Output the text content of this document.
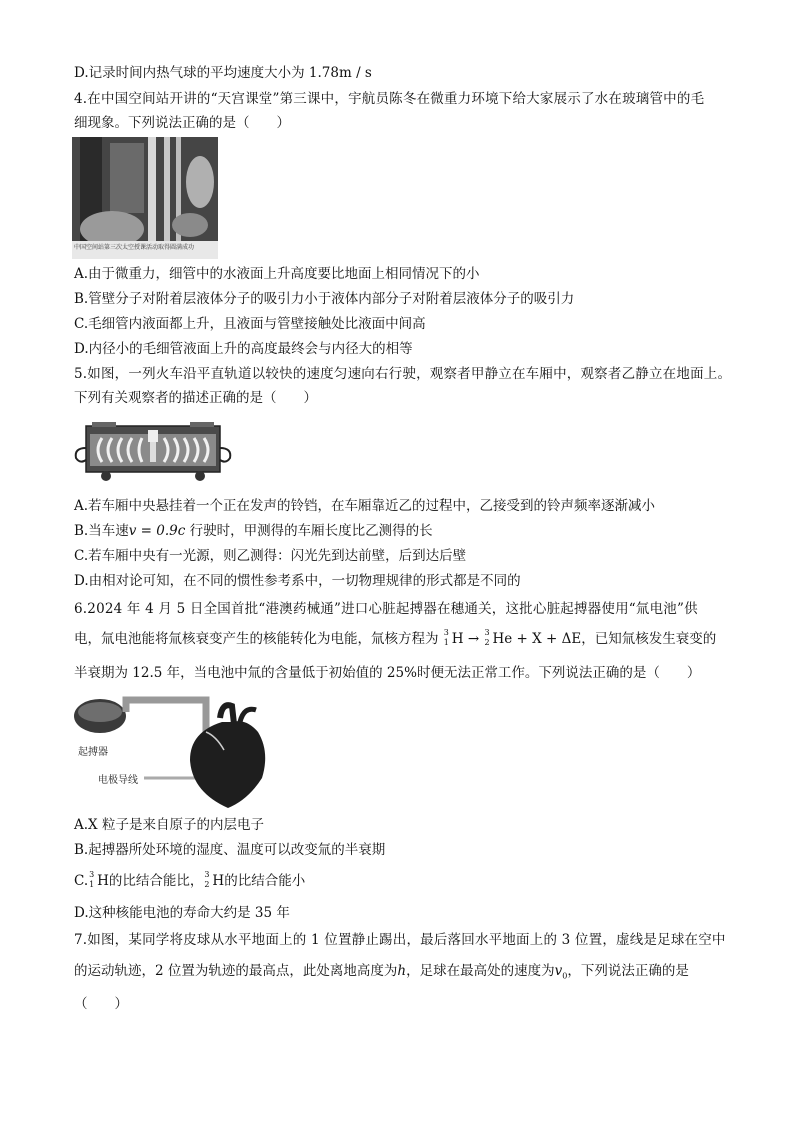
D.记录时间内热气球的平均速度大小为 1.78m / s
4.在中国空间站开讲的“天宫课堂”第三课中，宇航员陈冬在微重力环境下给大家展示了水在玻璃管中的毛
细现象。下列说法正确的是（　　）
中国空间站第三次太空授课活动取得圆满成功
A.由于微重力，细管中的水液面上升高度要比地面上相同情况下的小
B.管壁分子对附着层液体分子的吸引力小于液体内部分子对附着层液体分子的吸引力
C.毛细管内液面都上升，且液面与管壁接触处比液面中间高
D.内径小的毛细管液面上升的高度最终会与内径大的相等
5.如图，一列火车沿平直轨道以较快的速度匀速向右行驶，观察者甲静立在车厢中，观察者乙静立在地面上。
下列有关观察者的描述正确的是（　　）
A.若车厢中央悬挂着一个正在发声的铃铛，在车厢靠近乙的过程中，乙接受到的铃声频率逐渐减小
B.当车速v = 0.9c 行驶时，甲测得的车厢长度比乙测得的长
C.若车厢中央有一光源，则乙测得：闪光先到达前壁，后到达后壁
D.由相对论可知，在不同的惯性参考系中，一切物理规律的形式都是不同的
6.2024 年 4 月 5 日全国首批“港澳药械通”进口心脏起搏器在穗通关，这批心脏起搏器使用“氚电池”供
电，氚电池能将氚核衰变产生的核能转化为电能，氚核方程为 3
1 H → 3
2 He + X + ΔE，已知氚核发生衰变的
半衰期为 12.5 年，当电池中氚的含量低于初始值的 25%时便无法正常工作。下列说法正确的是（　　）
起搏器
电极导线
A.X 粒子是来自原子的内层电子
B.起搏器所处环境的湿度、温度可以改变氚的半衰期
C. 3
1 H的比结合能比， 3
2 H的比结合能小
D.这种核能电池的寿命大约是 35 年
7.如图，某同学将皮球从水平地面上的 1 位置静止踢出，最后落回水平地面上的 3 位置，虚线是足球在空中
的运动轨迹，2 位置为轨迹的最高点，此处离地高度为h，足球在最高处的速度为$v_0$，下列说法正确的是
（　　）
